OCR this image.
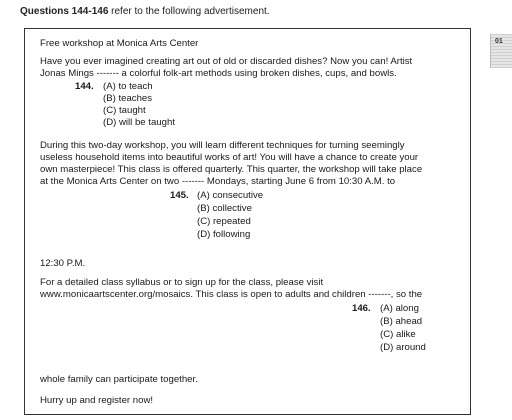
Questions 144-146 refer to the following advertisement.
01
Free workshop at Monica Arts Center
Have you ever imagined creating art out of old or discarded dishes? Now you can! Artist
Jonas Mings ------- a colorful folk-art methods using broken dishes, cups, and bowls.
144. (A) to teach
(B) teaches
(C) taught
(D) will be taught
During this two-day workshop, you will learn different techniques for turning seemingly
useless household items into beautiful works of art! You will have a chance to create your
own masterpiece! This class is offered quarterly. This quarter, the workshop will take place
at the Monica Arts Center on two ------- Mondays, starting June 6 from 10:30 A.M. to
145. (A) consecutive
(B) collective
(C) repeated
(D) following
12:30 P.M.
For a detailed class syllabus or to sign up for the class, please visit
www.monicaartscenter.org/mosaics. This class is open to adults and children -------, so the
146. (A) along
(B) ahead
(C) alike
(D) around
whole family can participate together.
Hurry up and register now!
